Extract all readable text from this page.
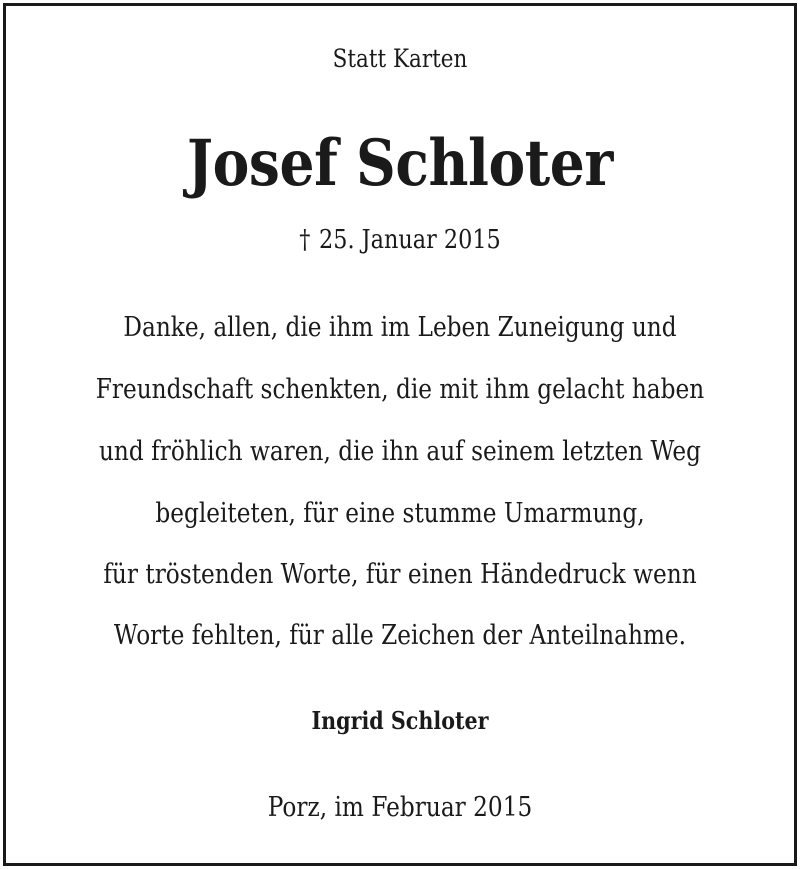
Statt Karten
Josef Schloter
† 25. Januar 2015
Danke, allen, die ihm im Leben Zuneigung und
Freundschaft schenkten, die mit ihm gelacht haben
und fröhlich waren, die ihn auf seinem letzten Weg
begleiteten, für eine stumme Umarmung,
für tröstenden Worte, für einen Händedruck wenn
Worte fehlten, für alle Zeichen der Anteilnahme.
Ingrid Schloter
Porz, im Februar 2015
